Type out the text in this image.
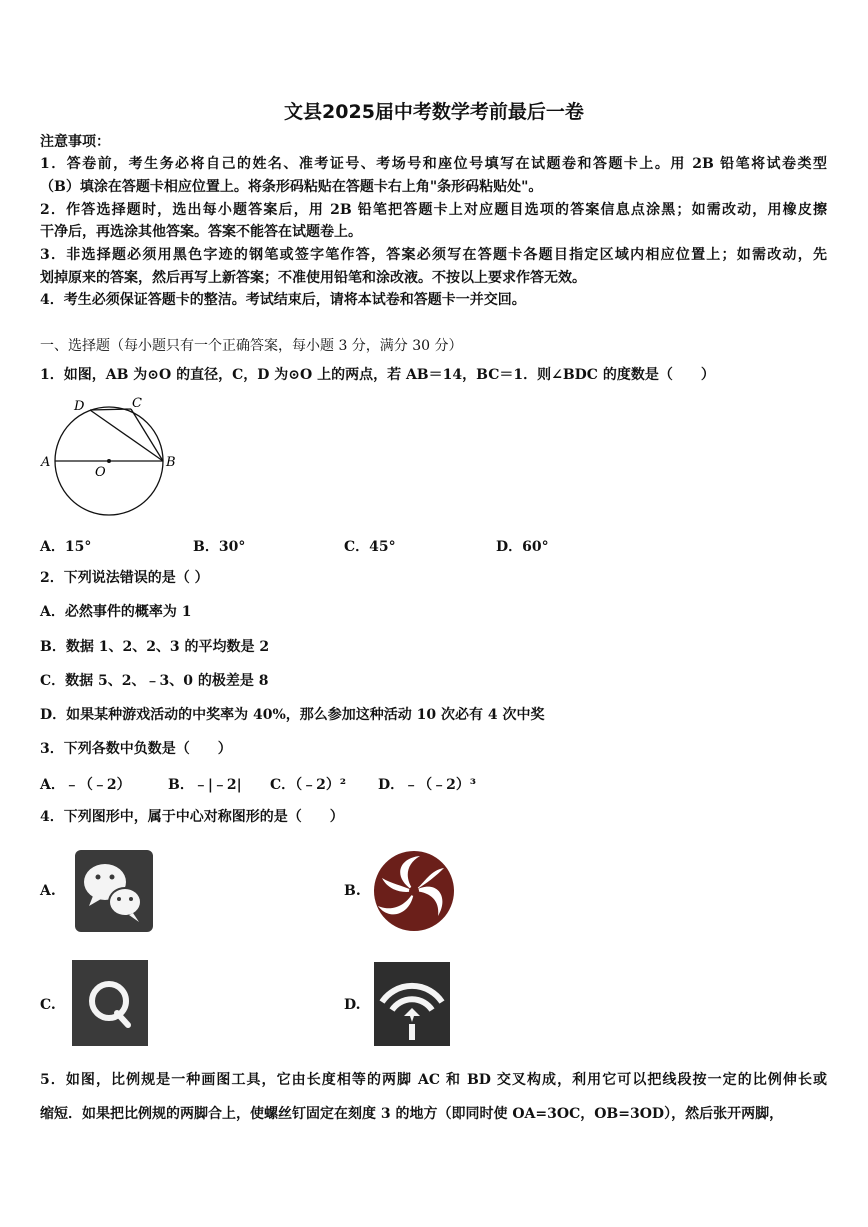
文县2025届中考数学考前最后一卷
注意事项：
1．答卷前，考生务必将自己的姓名、准考证号、考场号和座位号填写在试题卷和答题卡上。用 2B 铅笔将试卷类型
（B）填涂在答题卡相应位置上。将条形码粘贴在答题卡右上角"条形码粘贴处"。
2．作答选择题时，选出每小题答案后，用 2B 铅笔把答题卡上对应题目选项的答案信息点涂黑；如需改动，用橡皮擦
干净后，再选涂其他答案。答案不能答在试题卷上。
3．非选择题必须用黑色字迹的钢笔或签字笔作答，答案必须写在答题卡各题目指定区域内相应位置上；如需改动，先
划掉原来的答案，然后再写上新答案；不准使用铅笔和涂改液。不按以上要求作答无效。
4．考生必须保证答题卡的整洁。考试结束后，请将本试卷和答题卡一并交回。
一、选择题（每小题只有一个正确答案，每小题 3 分，满分 30 分）
1．如图，AB 为⊙O 的直径，C，D 为⊙O 上的两点，若 AB＝14，BC＝1．则∠BDC 的度数是（　　）
A	B
C
D
O
A．15°	B．30°	C．45°	D．60°
2．下列说法错误的是（ ）
A．必然事件的概率为 1
B．数据 1、2、2、3 的平均数是 2
C．数据 5、2、﹣3、0 的极差是 8
D．如果某种游戏活动的中奖率为 40%，那么参加这种活动 10 次必有 4 次中奖
3．下列各数中负数是（　　）
A．﹣（﹣2）	B．﹣|﹣2| C．（﹣2）² D．﹣（﹣2）³
4．下列图形中，属于中心对称图形的是（　　）
A.	B.
C.	D.
5．如图，比例规是一种画图工具，它由长度相等的两脚 AC 和 BD 交叉构成，利用它可以把线段按一定的比例伸长或
缩短．如果把比例规的两脚合上，使螺丝钉固定在刻度 3 的地方（即同时使 OA=3OC，OB=3OD），然后张开两脚，
